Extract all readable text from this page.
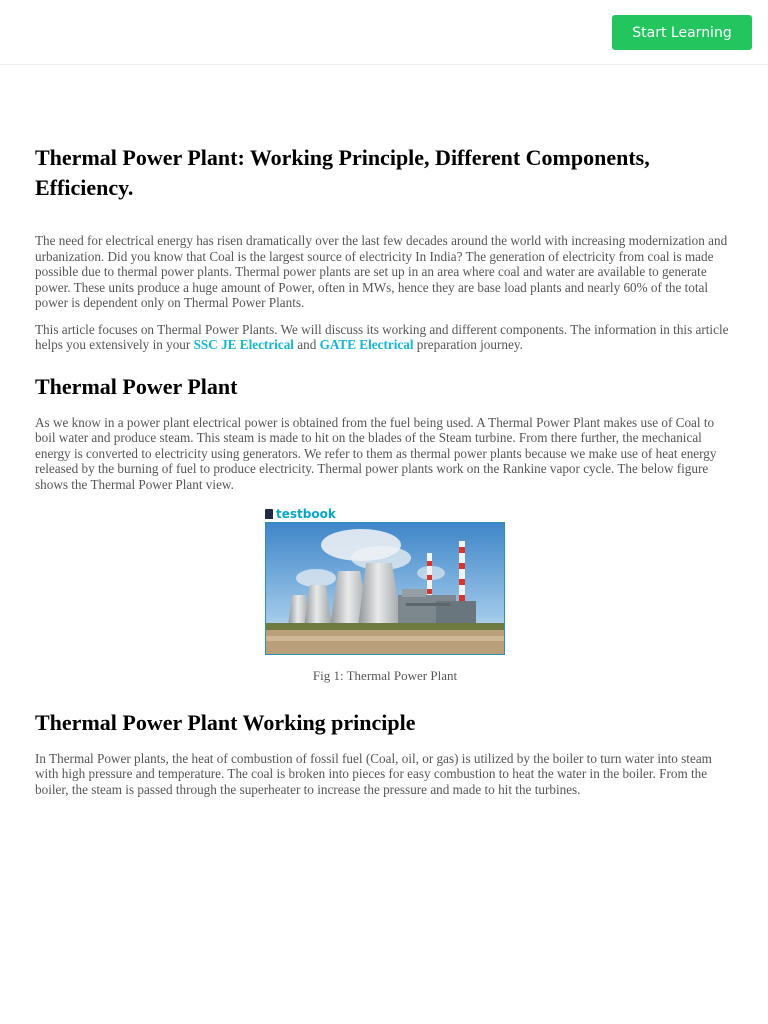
Start Learning
Thermal Power Plant: Working Principle, Different Components, Efficiency.

The need for electrical energy has risen dramatically over the last few decades around the world with increasing modernization and urbanization. Did you know that Coal is the largest source of electricity In India? The generation of electricity from coal is made possible due to thermal power plants. Thermal power plants are set up in an area where coal and water are available to generate power. These units produce a huge amount of Power, often in MWs, hence they are base load plants and nearly 60% of the total power is dependent only on Thermal Power Plants.

This article focuses on Thermal Power Plants. We will discuss its working and different components. The information in this article helps you extensively in your SSC JE Electrical and GATE Electrical preparation journey.

Thermal Power Plant

As we know in a power plant electrical power is obtained from the fuel being used. A Thermal Power Plant makes use of Coal to boil water and produce steam. This steam is made to hit on the blades of the Steam turbine. From there further, the mechanical energy is converted to electricity using generators. We refer to them as thermal power plants because we make use of heat energy released by the burning of fuel to produce electricity. Thermal power plants work on the Rankine vapor cycle. The below figure shows the Thermal Power Plant view.

testbook

Fig 1: Thermal Power Plant

Thermal Power Plant Working principle

In Thermal Power plants, the heat of combustion of fossil fuel (Coal, oil, or gas) is utilized by the boiler to turn water into steam with high pressure and temperature. The coal is broken into pieces for easy combustion to heat the water in the boiler. From the boiler, the steam is passed through the superheater to increase the pressure and made to hit the turbines.
